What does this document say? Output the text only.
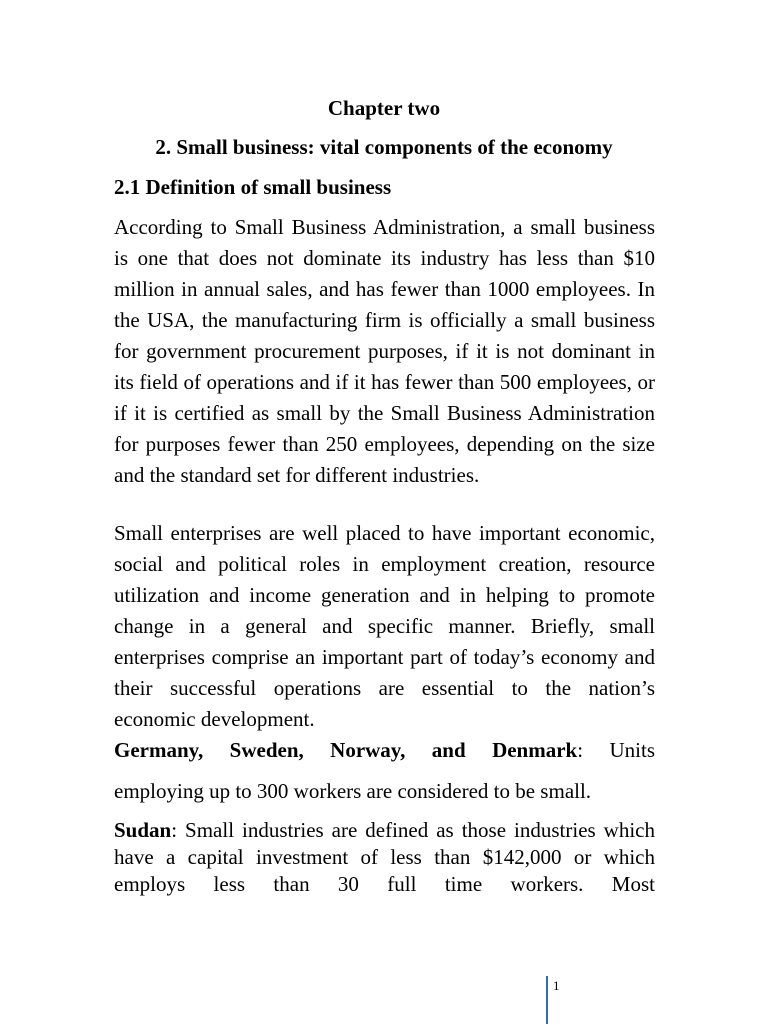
Chapter two
2. Small business: vital components of the economy
2.1 Definition of small business

According to Small Business Administration, a small business is one that does not dominate its industry has less than $10 million in annual sales, and has fewer than 1000 employees. In the USA, the manufacturing firm is officially a small business for government procurement purposes, if it is not dominant in its field of operations and if it has fewer than 500 employees, or if it is certified as small by the Small Business Administration for purposes fewer than 250 employees, depending on the size and the standard set for different industries.

Small enterprises are well placed to have important economic, social and political roles in employment creation, resource utilization and income generation and in helping to promote change in a general and specific manner. Briefly, small enterprises comprise an important part of today’s economy and their successful operations are essential to the nation’s economic development.

Germany, Sweden, Norway, and Denmark: Units

employing up to 300 workers are considered to be small.

Sudan: Small industries are defined as those industries which have a capital investment of less than $142,000 or which employs less than 30 full time workers. Most

1
